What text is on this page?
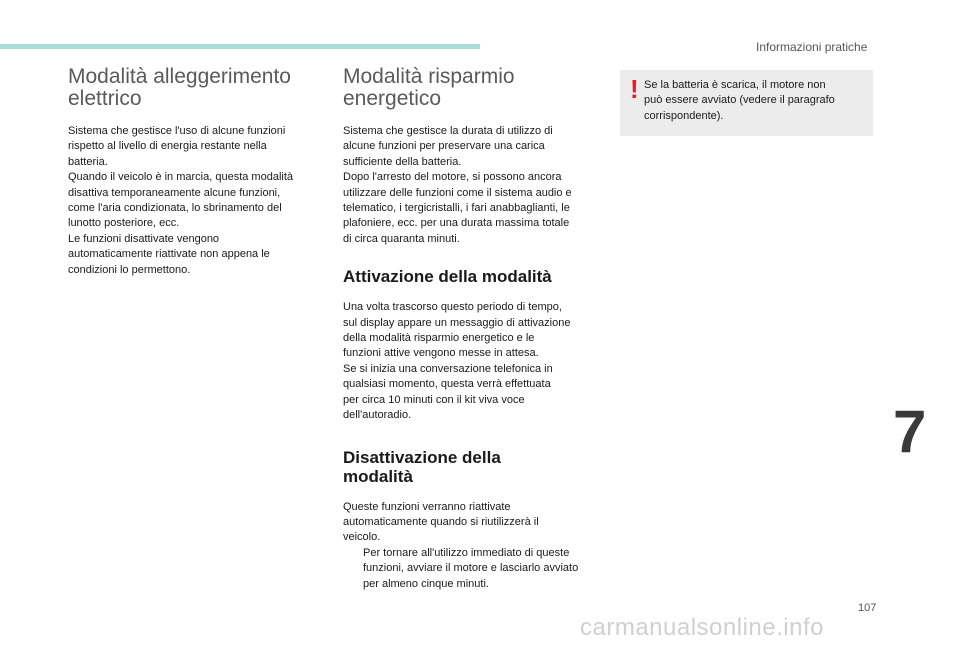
Informazioni pratiche
Modalità alleggerimento
elettrico

Sistema che gestisce l'uso di alcune funzioni
rispetto al livello di energia restante nella
batteria.
Quando il veicolo è in marcia, questa modalità
disattiva temporaneamente alcune funzioni,
come l'aria condizionata, lo sbrinamento del
lunotto posteriore, ecc.
Le funzioni disattivate vengono
automaticamente riattivate non appena le
condizioni lo permettono.

Modalità risparmio
energetico

Sistema che gestisce la durata di utilizzo di
alcune funzioni per preservare una carica
sufficiente della batteria.
Dopo l'arresto del motore, si possono ancora
utilizzare delle funzioni come il sistema audio e
telematico, i tergicristalli, i fari anabbaglianti, le
plafoniere, ecc. per una durata massima totale
di circa quaranta minuti.

Attivazione della modalità

Una volta trascorso questo periodo di tempo,
sul display appare un messaggio di attivazione
della modalità risparmio energetico e le
funzioni attive vengono messe in attesa.
Se si inizia una conversazione telefonica in
qualsiasi momento, questa verrà effettuata
per circa 10 minuti con il kit viva voce
dell'autoradio.

Disattivazione della
modalità

Queste funzioni verranno riattivate
automaticamente quando si riutilizzerà il
veicolo.

Per tornare all'utilizzo immediato di queste
funzioni, avviare il motore e lasciarlo avviato
per almeno cinque minuti.
! Se la batteria è scarica, il motore non
può essere avviato (vedere il paragrafo
corrispondente).

7
107
carmanualsonline.info
